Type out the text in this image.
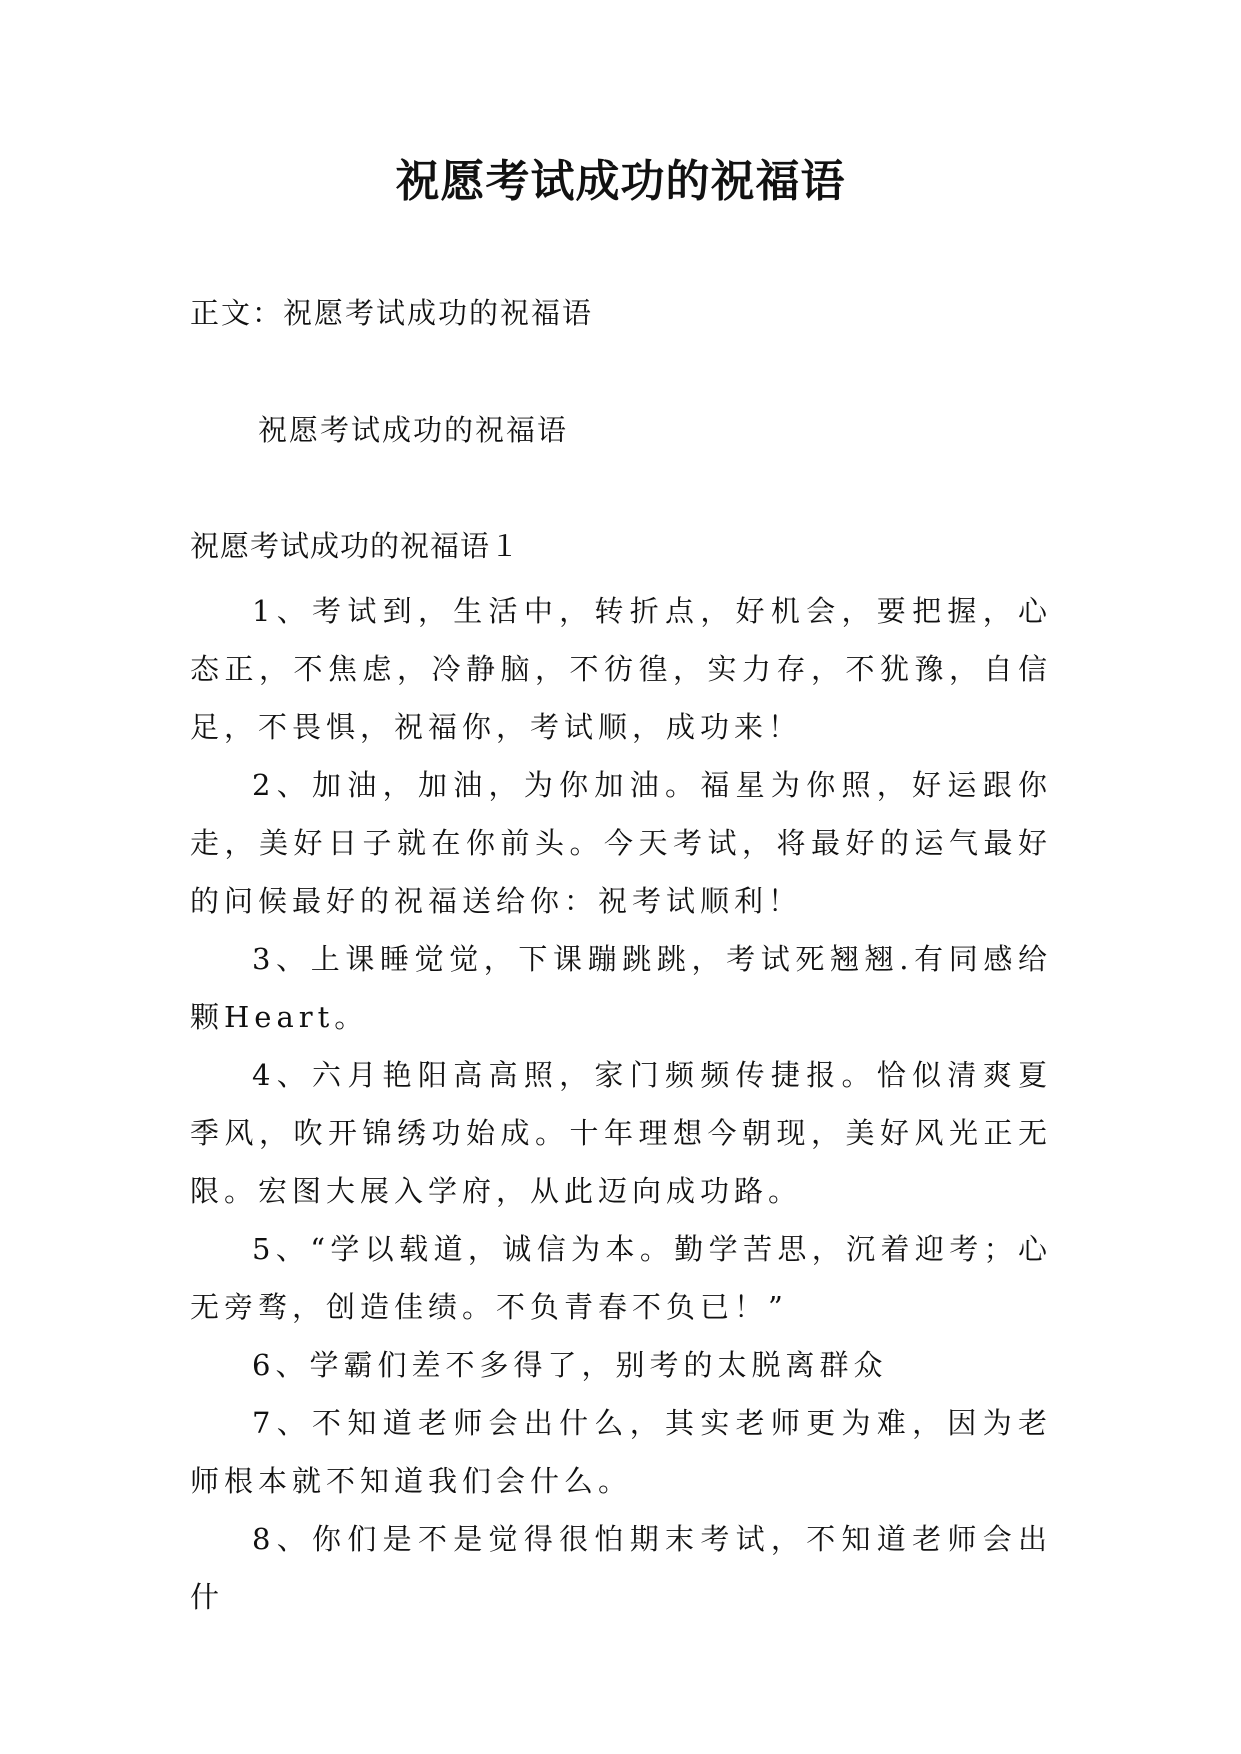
祝愿考试成功的祝福语
正文：祝愿考试成功的祝福语
祝愿考试成功的祝福语
祝愿考试成功的祝福语１

1、考试到，生活中，转折点，好机会，要把握，心态正，不焦虑，冷静脑，不彷徨，实力存，不犹豫，自信足，不畏惧，祝福你，考试顺，成功来！

2、加油，加油，为你加油。福星为你照，好运跟你走，美好日子就在你前头。今天考试，将最好的运气最好的问候最好的祝福送给你：祝考试顺利！

3、上课睡觉觉，下课蹦跳跳，考试死翘翘.有同感给颗Heart。

4、六月艳阳高高照，家门频频传捷报。恰似清爽夏季风，吹开锦绣功始成。十年理想今朝现，美好风光正无限。宏图大展入学府，从此迈向成功路。

5、“学以载道，诚信为本。勤学苦思，沉着迎考；心无旁骛，创造佳绩。不负青春不负已！”

6、学霸们差不多得了，别考的太脱离群众

7、不知道老师会出什么，其实老师更为难，因为老师根本就不知道我们会什么。

8、你们是不是觉得很怕期末考试，不知道老师会出什
